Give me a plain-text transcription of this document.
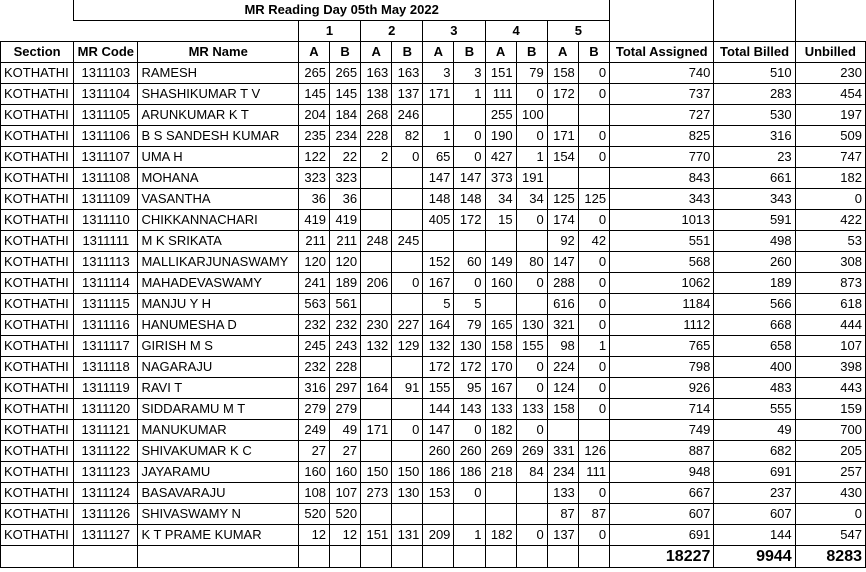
	MR Reading Day 05th May 2022														
			1		2		3		4		5				
Section	MR Code	MR Name	A	B	A	B	A	B	A	B	A	B	Total Assigned	Total Billed	Unbilled
KOTHATHI	1311103	RAMESH	265	265	163	163	3	3	151	79	158	0	740	510	230
KOTHATHI	1311104	SHASHIKUMAR T V	145	145	138	137	171	1	111	0	172	0	737	283	454
KOTHATHI	1311105	ARUNKUMAR K T	204	184	268	246			255	100			727	530	197
KOTHATHI	1311106	B S SANDESH KUMAR	235	234	228	82	1	0	190	0	171	0	825	316	509
KOTHATHI	1311107	UMA H	122	22	2	0	65	0	427	1	154	0	770	23	747
KOTHATHI	1311108	MOHANA	323	323			147	147	373	191			843	661	182
KOTHATHI	1311109	VASANTHA	36	36			148	148	34	34	125	125	343	343	0
KOTHATHI	1311110	CHIKKANNACHARI	419	419			405	172	15	0	174	0	1013	591	422
KOTHATHI	1311111	M K SRIKATA	211	211	248	245					92	42	551	498	53
KOTHATHI	1311113	MALLIKARJUNASWAMY	120	120			152	60	149	80	147	0	568	260	308
KOTHATHI	1311114	MAHADEVASWAMY	241	189	206	0	167	0	160	0	288	0	1062	189	873
KOTHATHI	1311115	MANJU Y H	563	561			5	5			616	0	1184	566	618
KOTHATHI	1311116	HANUMESHA D	232	232	230	227	164	79	165	130	321	0	1112	668	444
KOTHATHI	1311117	GIRISH M S	245	243	132	129	132	130	158	155	98	1	765	658	107
KOTHATHI	1311118	NAGARAJU	232	228			172	172	170	0	224	0	798	400	398
KOTHATHI	1311119	RAVI T	316	297	164	91	155	95	167	0	124	0	926	483	443
KOTHATHI	1311120	SIDDARAMU M T	279	279			144	143	133	133	158	0	714	555	159
KOTHATHI	1311121	MANUKUMAR	249	49	171	0	147	0	182	0			749	49	700
KOTHATHI	1311122	SHIVAKUMAR K C	27	27			260	260	269	269	331	126	887	682	205
KOTHATHI	1311123	JAYARAMU	160	160	150	150	186	186	218	84	234	111	948	691	257
KOTHATHI	1311124	BASAVARAJU	108	107	273	130	153	0			133	0	667	237	430
KOTHATHI	1311126	SHIVASWAMY N	520	520							87	87	607	607	0
KOTHATHI	1311127	K T PRAME KUMAR	12	12	151	131	209	1	182	0	137	0	691	144	547
													18227	9944	8283
